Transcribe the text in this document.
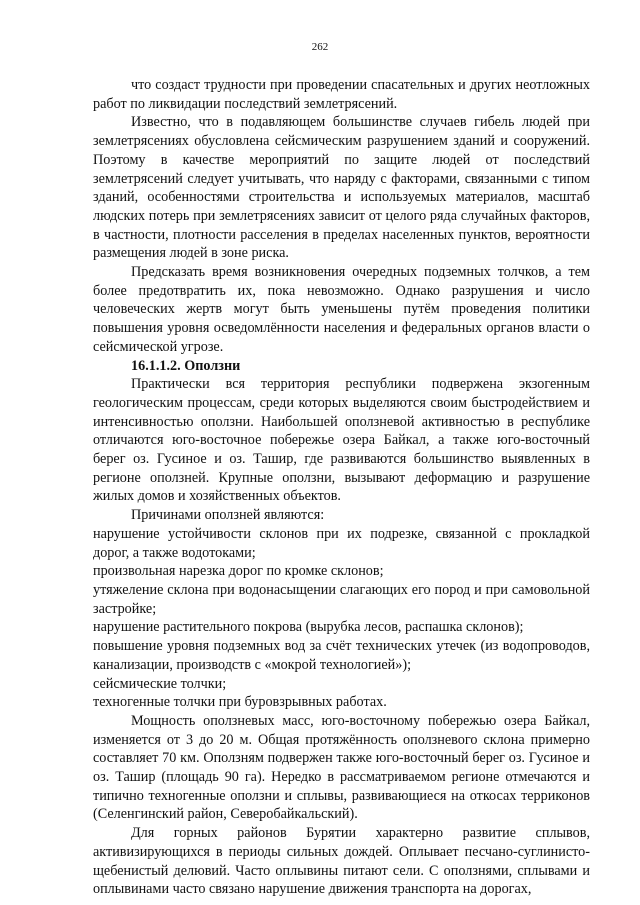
262

что создаст трудности при проведении спасательных и других неотложных работ по ликвидации последствий землетрясений.

Известно, что в подавляющем большинстве случаев гибель людей при землетрясениях обусловлена сейсмическим разрушением зданий и сооружений. Поэтому в качестве мероприятий по защите людей от последствий землетрясений следует учитывать, что наряду с факторами, связанными с типом зданий, особенностями строительства и используемых материалов, масштаб людских потерь при землетрясениях зависит от целого ряда случайных факторов, в частности, плотности расселения в пределах населенных пунктов, вероятности размещения людей в зоне риска.

Предсказать время возникновения очередных подземных толчков, а тем более предотвратить их, пока невозможно. Однако разрушения и число человеческих жертв могут быть уменьшены путём проведения политики повышения уровня осведомлённости населения и федеральных органов власти о сейсмической угрозе.

16.1.1.2. Оползни

Практически вся территория республики подвержена экзогенным геологическим процессам, среди которых выделяются своим быстродействием и интенсивностью оползни. Наибольшей оползневой активностью в республике отличаются юго-восточное побережье озера Байкал, а также юго-восточный берег оз. Гусиное и оз. Ташир, где развиваются большинство выявленных в регионе оползней. Крупные оползни, вызывают деформацию и разрушение жилых домов и хозяйственных объектов.

Причинами оползней являются:

нарушение устойчивости склонов при их подрезке, связанной с прокладкой дорог, а также водотоками;

произвольная нарезка дорог по кромке склонов;

утяжеление склона при водонасыщении слагающих его пород и при самовольной застройке;

нарушение растительного покрова (вырубка лесов, распашка склонов);

повышение уровня подземных вод за счёт технических утечек (из водопроводов, канализации, производств с «мокрой технологией»);

сейсмические толчки;

техногенные толчки при буровзрывных работах.

Мощность оползневых масс, юго-восточному побережью озера Байкал, изменяется от 3 до 20 м. Общая протяжённость оползневого склона примерно составляет 70 км. Оползням подвержен также юго-восточный берег оз. Гусиное и оз. Ташир (площадь 90 га). Нередко в рассматриваемом регионе отмечаются и типично техногенные оползни и сплывы, развивающиеся на откосах терриконов (Селенгинский район, Северобайкальский).

Для горных районов Бурятии характерно развитие сплывов, активизирующихся в периоды сильных дождей. Оплывает песчано-суглинисто-щебенистый делювий. Часто оплывины питают сели. С оползнями, сплывами и оплывинами часто связано нарушение движения транспорта на дорогах,
